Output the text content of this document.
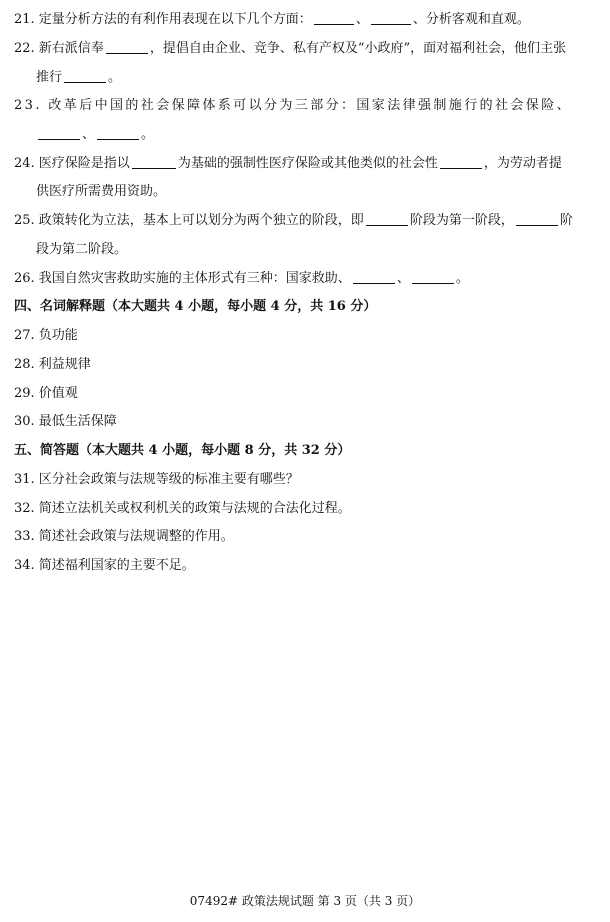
21. 定量分析方法的有利作用表现在以下几个方面：	、	、分析客观和直观。
22. 新右派信奉	，提倡自由企业、竞争、私有产权及“小政府”，面对福利社会，他们主张
推行	。
23. 改革后中国的社会保障体系可以分为三部分：国家法律强制施行的社会保险、
、	。
24. 医疗保险是指以	为基础的强制性医疗保险或其他类似的社会性	，为劳动者提
供医疗所需费用资助。
25. 政策转化为立法，基本上可以划分为两个独立的阶段，即	阶段为第一阶段，	阶
段为第二阶段。
26. 我国自然灾害救助实施的主体形式有三种：国家救助、	、	。
四、名词解释题（本大题共 4 小题，每小题 4 分，共 16 分）
27. 负功能
28. 利益规律
29. 价值观
30. 最低生活保障
五、简答题（本大题共 4 小题，每小题 8 分，共 32 分）
31. 区分社会政策与法规等级的标准主要有哪些？
32. 简述立法机关或权利机关的政策与法规的合法化过程。
33. 简述社会政策与法规调整的作用。
34. 简述福利国家的主要不足。
07492# 政策法规试题 第 3 页（共 3 页）
